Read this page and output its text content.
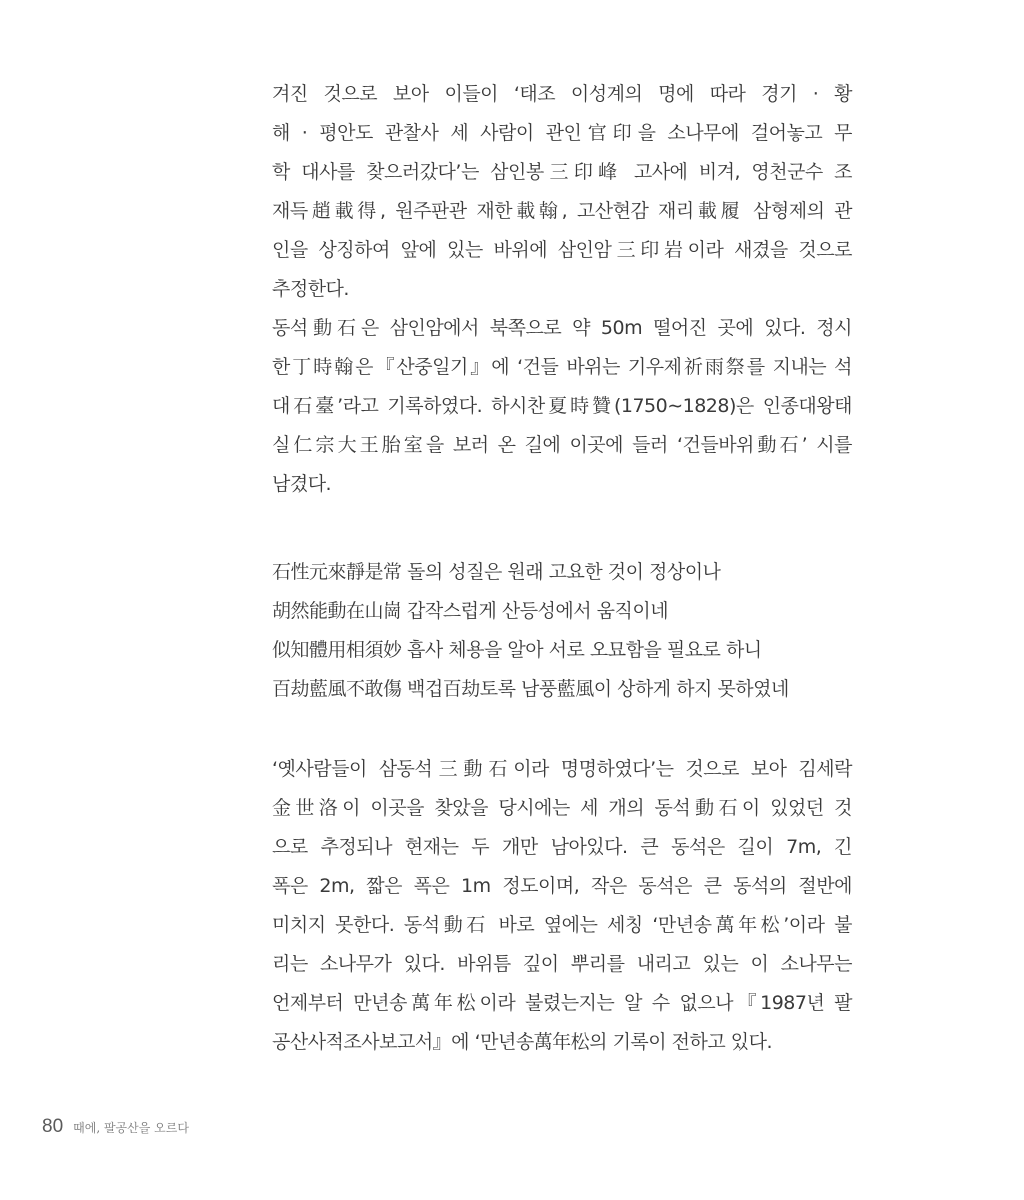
겨진 것으로 보아 이들이 ‘태조 이성계의 명에 따라 경기 · 황
해 · 평안도 관찰사 세 사람이 관인官印을 소나무에 걸어놓고 무
학 대사를 찾으러갔다’는 삼인봉三印峰 고사에 비겨, 영천군수 조
재득趙載得, 원주판관 재한載翰, 고산현감 재리載履 삼형제의 관
인을 상징하여 앞에 있는 바위에 삼인암三印岩이라 새겼을 것으로
추정한다.
동석動石은 삼인암에서 북쪽으로 약 50m 떨어진 곳에 있다. 정시
한丁時翰은『산중일기』에 ‘건들 바위는 기우제祈雨祭를 지내는 석
대石臺’라고 기록하였다. 하시찬夏時贊(1750∼1828)은 인종대왕태
실仁宗大王胎室을 보러 온 길에 이곳에 들러 ‘건들바위動石’ 시를
남겼다.
石性元來靜是常 돌의 성질은 원래 고요한 것이 정상이나
胡然能動在山崗 갑작스럽게 산등성에서 움직이네
似知體用相須妙 흡사 체용을 알아 서로 오묘함을 필요로 하니
百劫藍風不敢傷 백겁百劫토록 남풍藍風이 상하게 하지 못하였네
‘옛사람들이 삼동석三動石이라 명명하였다’는 것으로 보아 김세락
金世洛이 이곳을 찾았을 당시에는 세 개의 동석動石이 있었던 것
으로 추정되나 현재는 두 개만 남아있다. 큰 동석은 길이 7m, 긴
폭은 2m, 짧은 폭은 1m 정도이며, 작은 동석은 큰 동석의 절반에
미치지 못한다. 동석動石 바로 옆에는 세칭 ‘만년송萬年松’이라 불
리는 소나무가 있다. 바위틈 깊이 뿌리를 내리고 있는 이 소나무는
언제부터 만년송萬年松이라 불렸는지는 알 수 없으나『1987년 팔
공산사적조사보고서』에 ‘만년송萬年松의 기록이 전하고 있다.
80 때에, 팔공산을 오르다
